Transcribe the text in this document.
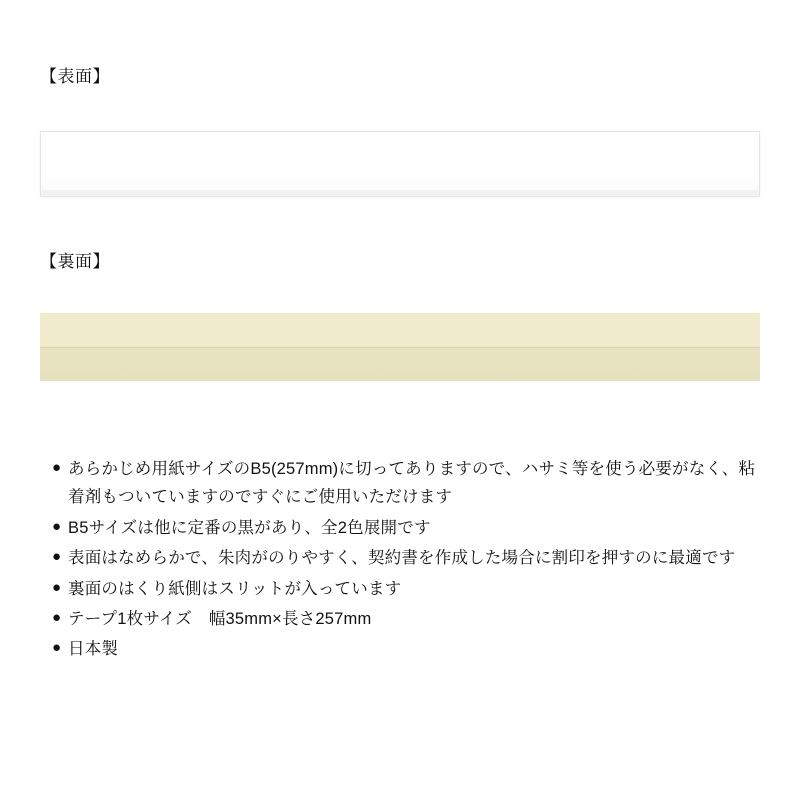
【表面】
【裏面】
● あらかじめ用紙サイズのB5(257mm)に切ってありますので、ハサミ等を使う必要がなく、粘着剤もついていますのですぐにご使用いただけます
● B5サイズは他に定番の黒があり、全2色展開です
● 表面はなめらかで、朱肉がのりやすく、契約書を作成した場合に割印を押すのに最適です
● 裏面のはくり紙側はスリットが入っています
● テープ1枚サイズ　幅35mm×長さ257mm
● 日本製
